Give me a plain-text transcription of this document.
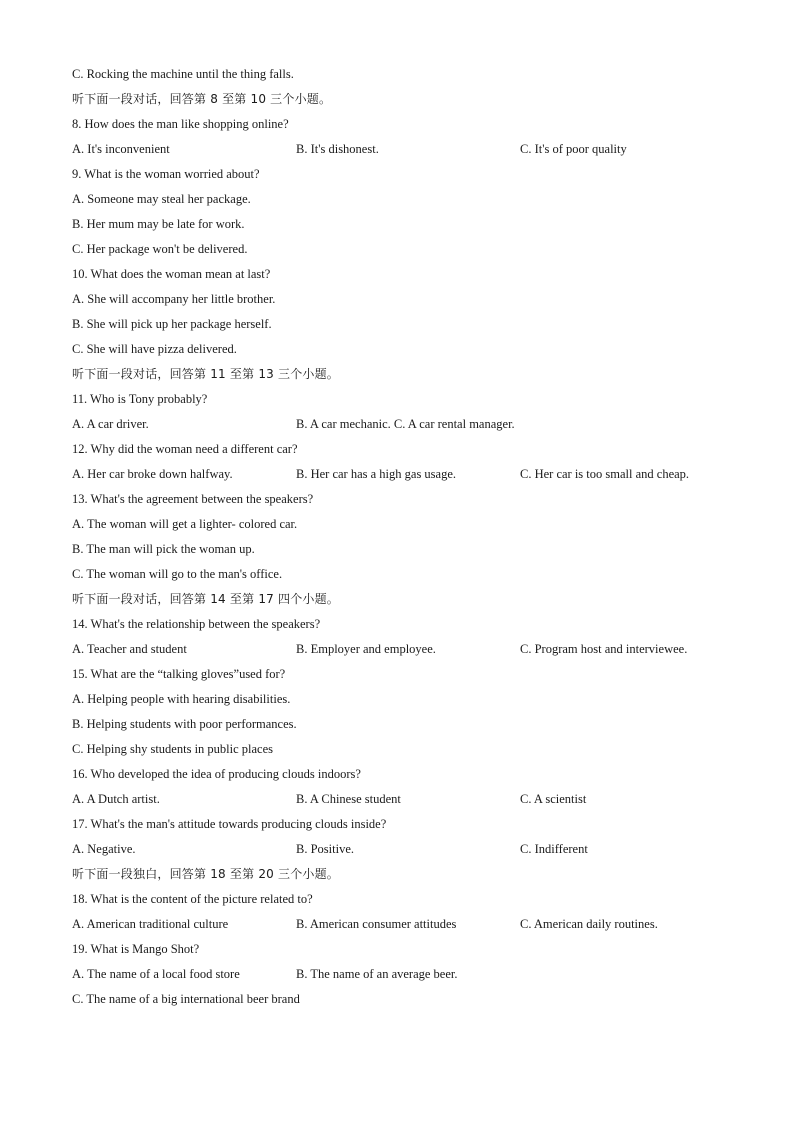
C. Rocking the machine until the thing falls.
听下面一段对话，回答第 8 至第 10 三个小题。
8. How does the man like shopping online?
A. It's inconvenient	B. It's dishonest.	C. It's of poor quality
9. What is the woman worried about?
A. Someone may steal her package.
B. Her mum may be late for work.
C. Her package won't be delivered.
10. What does the woman mean at last?
A. She will accompany her little brother.
B. She will pick up her package herself.
C. She will have pizza delivered.
听下面一段对话，回答第 11 至第 13 三个小题。
11. Who is Tony probably?
A. A car driver.	B. A car mechanic. C. A car rental manager.
12. Why did the woman need a different car?
A. Her car broke down halfway.	B. Her car has a high gas usage.	C. Her car is too small and cheap.
13. What's the agreement between the speakers?
A. The woman will get a lighter- colored car.
B. The man will pick the woman up.
C. The woman will go to the man's office.
听下面一段对话，回答第 14 至第 17 四个小题。
14. What's the relationship between the speakers?
A. Teacher and student	B. Employer and employee.	C. Program host and interviewee.
15. What are the “talking gloves”used for?
A. Helping people with hearing disabilities.
B. Helping students with poor performances.
C. Helping shy students in public places
16. Who developed the idea of producing clouds indoors?
A. A Dutch artist.	B. A Chinese student	C. A scientist
17. What's the man's attitude towards producing clouds inside?
A. Negative.	B. Positive.	C. Indifferent
听下面一段独白，回答第 18 至第 20 三个小题。
18. What is the content of the picture related to?
A. American traditional culture	B. American consumer attitudes	C. American daily routines.
19. What is Mango Shot?
A. The name of a local food store	B. The name of an average beer.
C. The name of a big international beer brand
